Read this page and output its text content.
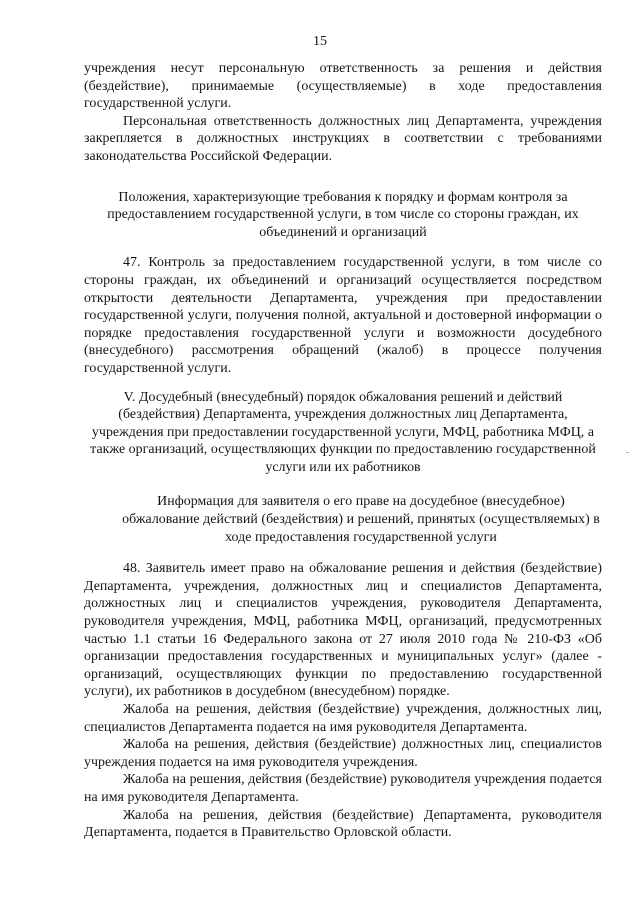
15

учреждения несут персональную ответственность за решения и действия (бездействие), принимаемые (осуществляемые) в ходе предоставления государственной услуги.

Персональная ответственность должностных лиц Департамента, учреждения закрепляется в должностных инструкциях в соответствии с требованиями законодательства Российской Федерации.

Положения, характеризующие требования к порядку и формам контроля за предоставлением государственной услуги, в том числе со стороны граждан, их объединений и организаций

47. Контроль за предоставлением государственной услуги, в том числе со стороны граждан, их объединений и организаций осуществляется посредством открытости деятельности Департамента, учреждения при предоставлении государственной услуги, получения полной, актуальной и достоверной информации о порядке предоставления государственной услуги и возможности досудебного (внесудебного) рассмотрения обращений (жалоб) в процессе получения государственной услуги.

V. Досудебный (внесудебный) порядок обжалования решений и действий (бездействия) Департамента, учреждения должностных лиц Департамента, учреждения при предоставлении государственной услуги, МФЦ, работника МФЦ, а также организаций, осуществляющих функции по предоставлению государственной услуги или их работников

Информация для заявителя о его праве на досудебное (внесудебное) обжалование действий (бездействия) и решений, принятых (осуществляемых) в ходе предоставления государственной услуги

48. Заявитель имеет право на обжалование решения и действия (бездействие) Департамента, учреждения, должностных лиц и специалистов Департамента, должностных лиц и специалистов учреждения, руководителя Департамента, руководителя учреждения, МФЦ, работника МФЦ, организаций, предусмотренных частью 1.1 статьи 16 Федерального закона от 27 июля 2010 года № 210-ФЗ «Об организации предоставления государственных и муниципальных услуг» (далее - организаций, осуществляющих функции по предоставлению государственной услуги), их работников в досудебном (внесудебном) порядке.

Жалоба на решения, действия (бездействие) учреждения, должностных лиц, специалистов Департамента подается на имя руководителя Департамента.

Жалоба на решения, действия (бездействие) должностных лиц, специалистов учреждения подается на имя руководителя учреждения.

Жалоба на решения, действия (бездействие) руководителя учреждения подается на имя руководителя Департамента.

Жалоба на решения, действия (бездействие) Департамента, руководителя Департамента, подается в Правительство Орловской области.
